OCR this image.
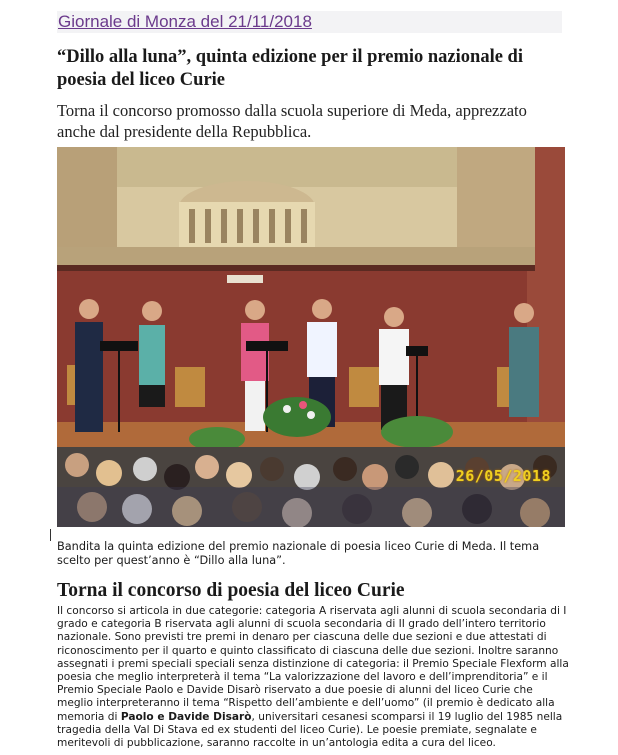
Giornale di Monza del 21/11/2018
“Dillo alla luna”, quinta edizione per il premio nazionale di poesia del liceo Curie

Torna il concorso promosso dalla scuola superiore di Meda, apprezzato anche dal presidente della Repubblica.

26/05/2018

Bandita la quinta edizione del premio nazionale di poesia liceo Curie di Meda. Il tema scelto per quest’anno è “Dillo alla luna”.

Torna il concorso di poesia del liceo Curie

Il concorso si articola in due categorie: categoria A riservata agli alunni di scuola secondaria di I grado e categoria B riservata agli alunni di scuola secondaria di II grado dell’intero territorio nazionale. Sono previsti tre premi in denaro per ciascuna delle due sezioni e due attestati di riconoscimento per il quarto e quinto classificato di ciascuna delle due sezioni. Inoltre saranno assegnati i premi speciali speciali senza distinzione di categoria: il Premio Speciale Flexform alla poesia che meglio interpreterà il tema “La valorizzazione del lavoro e dell’imprenditoria” e il Premio Speciale Paolo e Davide Disarò riservato a due poesie di alunni del liceo Curie che meglio interpreteranno il tema “Rispetto dell’ambiente e dell’uomo” (il premio è dedicato alla memoria di Paolo e Davide Disarò, universitari cesanesi scomparsi il 19 luglio del 1985 nella tragedia della Val Di Stava ed ex studenti del liceo Curie). Le poesie premiate, segnalate e meritevoli di pubblicazione, saranno raccolte in un’antologia edita a cura del liceo.
